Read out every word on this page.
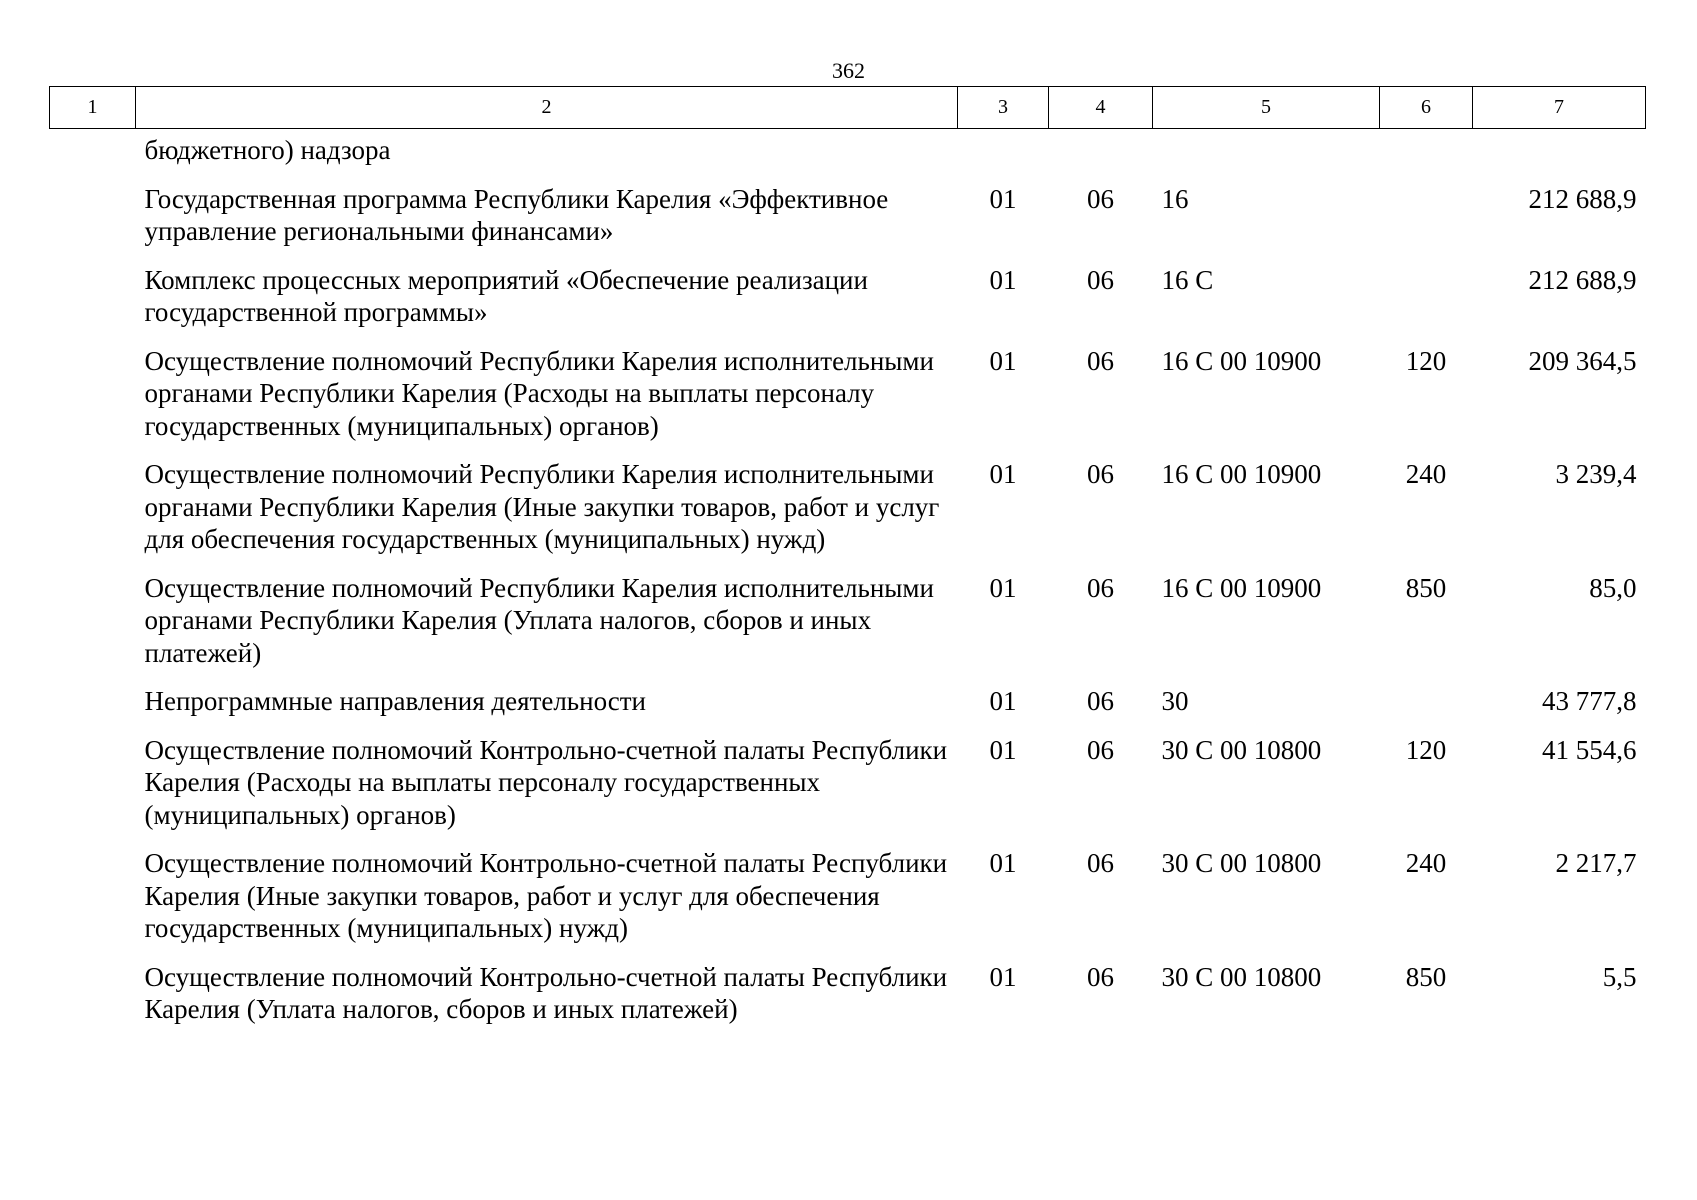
362
1	2	3	4	5	6	7
	бюджетного) надзора					
	Государственная программа Республики Карелия «Эффективное управление региональными финансами»	01	06	16		212 688,9
	Комплекс процессных мероприятий «Обеспечение реализации государственной программы»	01	06	16 С		212 688,9
	Осуществление полномочий Республики Карелия исполнительными органами Республики Карелия (Расходы на выплаты персоналу государственных (муниципальных) органов)	01	06	16 С 00 10900	120	209 364,5
	Осуществление полномочий Республики Карелия исполнительными органами Республики Карелия (Иные закупки товаров, работ и услуг для обеспечения государственных (муниципальных) нужд)	01	06	16 С 00 10900	240	3 239,4
	Осуществление полномочий Республики Карелия исполнительными органами Республики Карелия (Уплата налогов, сборов и иных платежей)	01	06	16 С 00 10900	850	85,0
	Непрограммные направления деятельности	01	06	30		43 777,8
	Осуществление полномочий Контрольно-счетной палаты Республики Карелия (Расходы на выплаты персоналу государственных (муниципальных) органов)	01	06	30 С 00 10800	120	41 554,6
	Осуществление полномочий Контрольно-счетной палаты Республики Карелия (Иные закупки товаров, работ и услуг для обеспечения государственных (муниципальных) нужд)	01	06	30 С 00 10800	240	2 217,7
	Осуществление полномочий Контрольно-счетной палаты Республики Карелия (Уплата налогов, сборов и иных платежей)	01	06	30 С 00 10800	850	5,5
